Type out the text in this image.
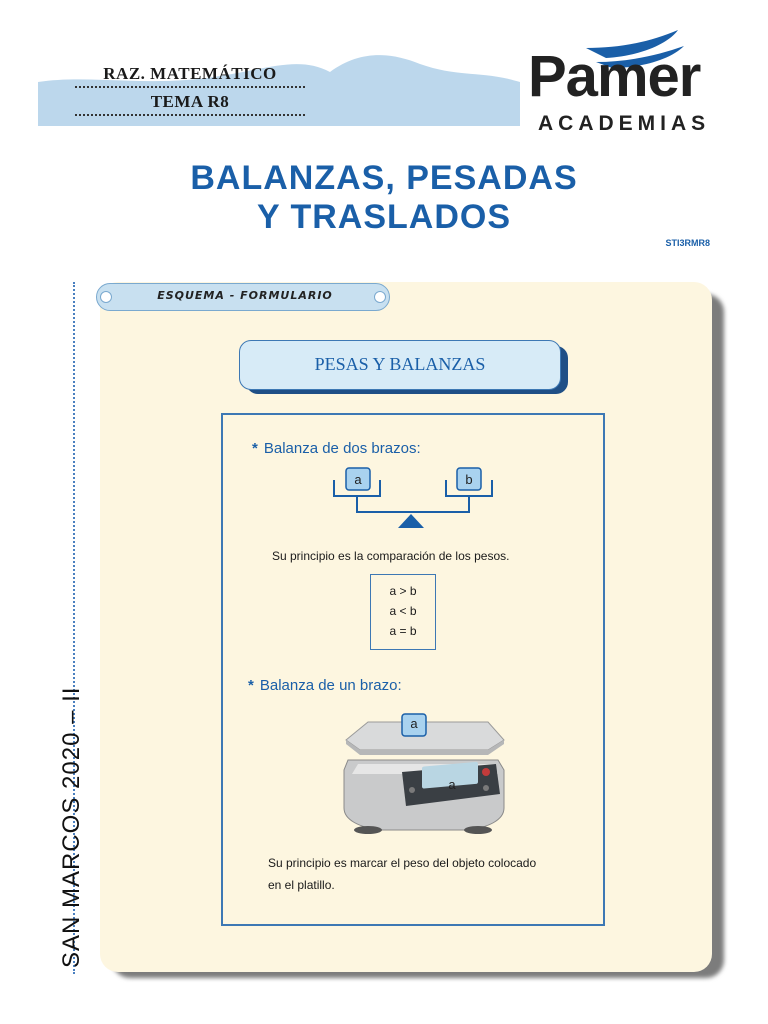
RAZ. MATEMÁTICO
TEMA R8	Pamer
ACADEMIAS
BALANZAS, PESADAS
Y TRASLADOS
STI3RMR8
SAN MARCOS 2020 – II
ESQUEMA - FORMULARIO
PESAS Y BALANZAS
* Balanza de dos brazos:
a	b
Su principio es la comparación de los pesos.
a > b
a < b
a = b
* Balanza de un brazo:
a
a
Su principio es marcar el peso del objeto colocado
en el platillo.
